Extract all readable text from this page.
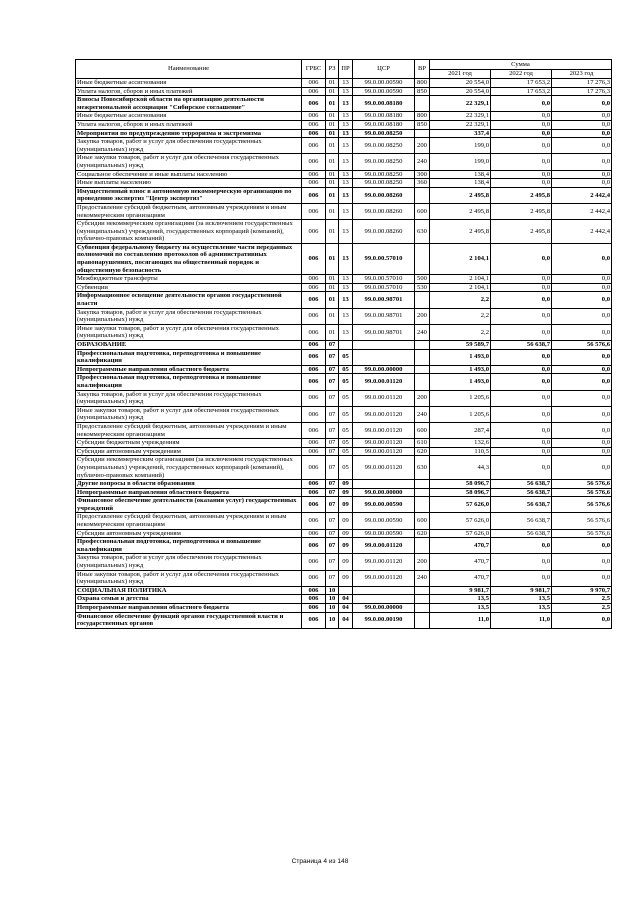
Наименование	ГРБС	РЗ	ПР	ЦСР	ВР	Сумма		
						2021 год	2022 год	2023 год
Иные бюджетные ассигнования	006	01	13	99.0.00.00590	800	20 554,0	17 653,2	17 276,3
Уплата налогов, сборов и иных платежей	006	01	13	99.0.00.00590	850	20 554,0	17 653,2	17 276,3
Взносы Новосибирской области на организацию деятельности межрегиональной ассоциации "Сибирское соглашение"	006	01	13	99.0.00.08180		22 329,1	0,0	0,0
Иные бюджетные ассигнования	006	01	13	99.0.00.08180	800	22 329,1	0,0	0,0
Уплата налогов, сборов и иных платежей	006	01	13	99.0.00.08180	850	22 329,1	0,0	0,0
Мероприятия по предупреждению терроризма и экстремизма	006	01	13	99.0.00.08250		337,4	0,0	0,0
Закупка товаров, работ и услуг для обеспечения государственных (муниципальных) нужд	006	01	13	99.0.00.08250	200	199,0	0,0	0,0
Иные закупки товаров, работ и услуг для обеспечения государственных (муниципальных) нужд	006	01	13	99.0.00.08250	240	199,0	0,0	0,0
Социальное обеспечение и иные выплаты населению	006	01	13	99.0.00.08250	300	138,4	0,0	0,0
Иные выплаты населению	006	01	13	99.0.00.08250	360	138,4	0,0	0,0
Имущественный взнос в автономную некоммерческую организацию по проведению экспертиз "Центр экспертиз"	006	01	13	99.0.00.08260		2 495,8	2 495,8	2 442,4
Предоставление субсидий бюджетным, автономным учреждениям и иным некоммерческим организациям	006	01	13	99.0.00.08260	600	2 495,8	2 495,8	2 442,4
Субсидии некоммерческим организациям (за исключением государственных (муниципальных) учреждений, государственных корпораций (компаний), публично-правовых компаний)	006	01	13	99.0.00.08260	630	2 495,8	2 495,8	2 442,4
Субвенция федеральному бюджету на осуществление части переданных полномочий по составлению протоколов об административных правонарушениях, посягающих на общественный порядок и общественную безопасность	006	01	13	99.0.00.57010		2 104,1	0,0	0,0
Межбюджетные трансферты	006	01	13	99.0.00.57010	500	2 104,1	0,0	0,0
Субвенции	006	01	13	99.0.00.57010	530	2 104,1	0,0	0,0
Информационное освещение деятельности органов государственной власти	006	01	13	99.0.00.98701		2,2	0,0	0,0
Закупка товаров, работ и услуг для обеспечения государственных (муниципальных) нужд	006	01	13	99.0.00.98701	200	2,2	0,0	0,0
Иные закупки товаров, работ и услуг для обеспечения государственных (муниципальных) нужд	006	01	13	99.0.00.98701	240	2,2	0,0	0,0
ОБРАЗОВАНИЕ	006	07				59 589,7	56 638,7	56 576,6
Профессиональная подготовка, переподготовка и повышение квалификации	006	07	05			1 493,0	0,0	0,0
Непрограммные направления областного бюджета	006	07	05	99.0.00.00000		1 493,0	0,0	0,0
Профессиональная подготовка, переподготовка и повышение квалификации	006	07	05	99.0.00.01120		1 493,0	0,0	0,0
Закупка товаров, работ и услуг для обеспечения государственных (муниципальных) нужд	006	07	05	99.0.00.01120	200	1 205,6	0,0	0,0
Иные закупки товаров, работ и услуг для обеспечения государственных (муниципальных) нужд	006	07	05	99.0.00.01120	240	1 205,6	0,0	0,0
Предоставление субсидий бюджетным, автономным учреждениям и иным некоммерческим организациям	006	07	05	99.0.00.01120	600	287,4	0,0	0,0
Субсидии бюджетным учреждениям	006	07	05	99.0.00.01120	610	132,6	0,0	0,0
Субсидии автономным учреждениям	006	07	05	99.0.00.01120	620	110,5	0,0	0,0
Субсидии некоммерческим организациям (за исключением государственных (муниципальных) учреждений, государственных корпораций (компаний), публично-правовых компаний)	006	07	05	99.0.00.01120	630	44,3	0,0	0,0
Другие вопросы в области образования	006	07	09			58 096,7	56 638,7	56 576,6
Непрограммные направления областного бюджета	006	07	09	99.0.00.00000		58 096,7	56 638,7	56 576,6
Финансовое обеспечение деятельности (оказания услуг) государственных учреждений	006	07	09	99.0.00.00590		57 626,0	56 638,7	56 576,6
Предоставление субсидий бюджетным, автономным учреждениям и иным некоммерческим организациям	006	07	09	99.0.00.00590	600	57 626,0	56 638,7	56 576,6
Субсидии автономным учреждениям	006	07	09	99.0.00.00590	620	57 626,0	56 638,7	56 576,6
Профессиональная подготовка, переподготовка и повышение квалификации	006	07	09	99.0.00.01120		470,7	0,0	0,0
Закупка товаров, работ и услуг для обеспечения государственных (муниципальных) нужд	006	07	09	99.0.00.01120	200	470,7	0,0	0,0
Иные закупки товаров, работ и услуг для обеспечения государственных (муниципальных) нужд	006	07	09	99.0.00.01120	240	470,7	0,0	0,0
СОЦИАЛЬНАЯ ПОЛИТИКА	006	10				9 981,7	9 981,7	9 970,7
Охрана семьи и детства	006	10	04			13,5	13,5	2,5
Непрограммные направления областного бюджета	006	10	04	99.0.00.00000		13,5	13,5	2,5
Финансовое обеспечение функций органов государственной власти и государственных органов	006	10	04	99.0.00.00190		11,0	11,0	0,0
Страница 4 из 148
